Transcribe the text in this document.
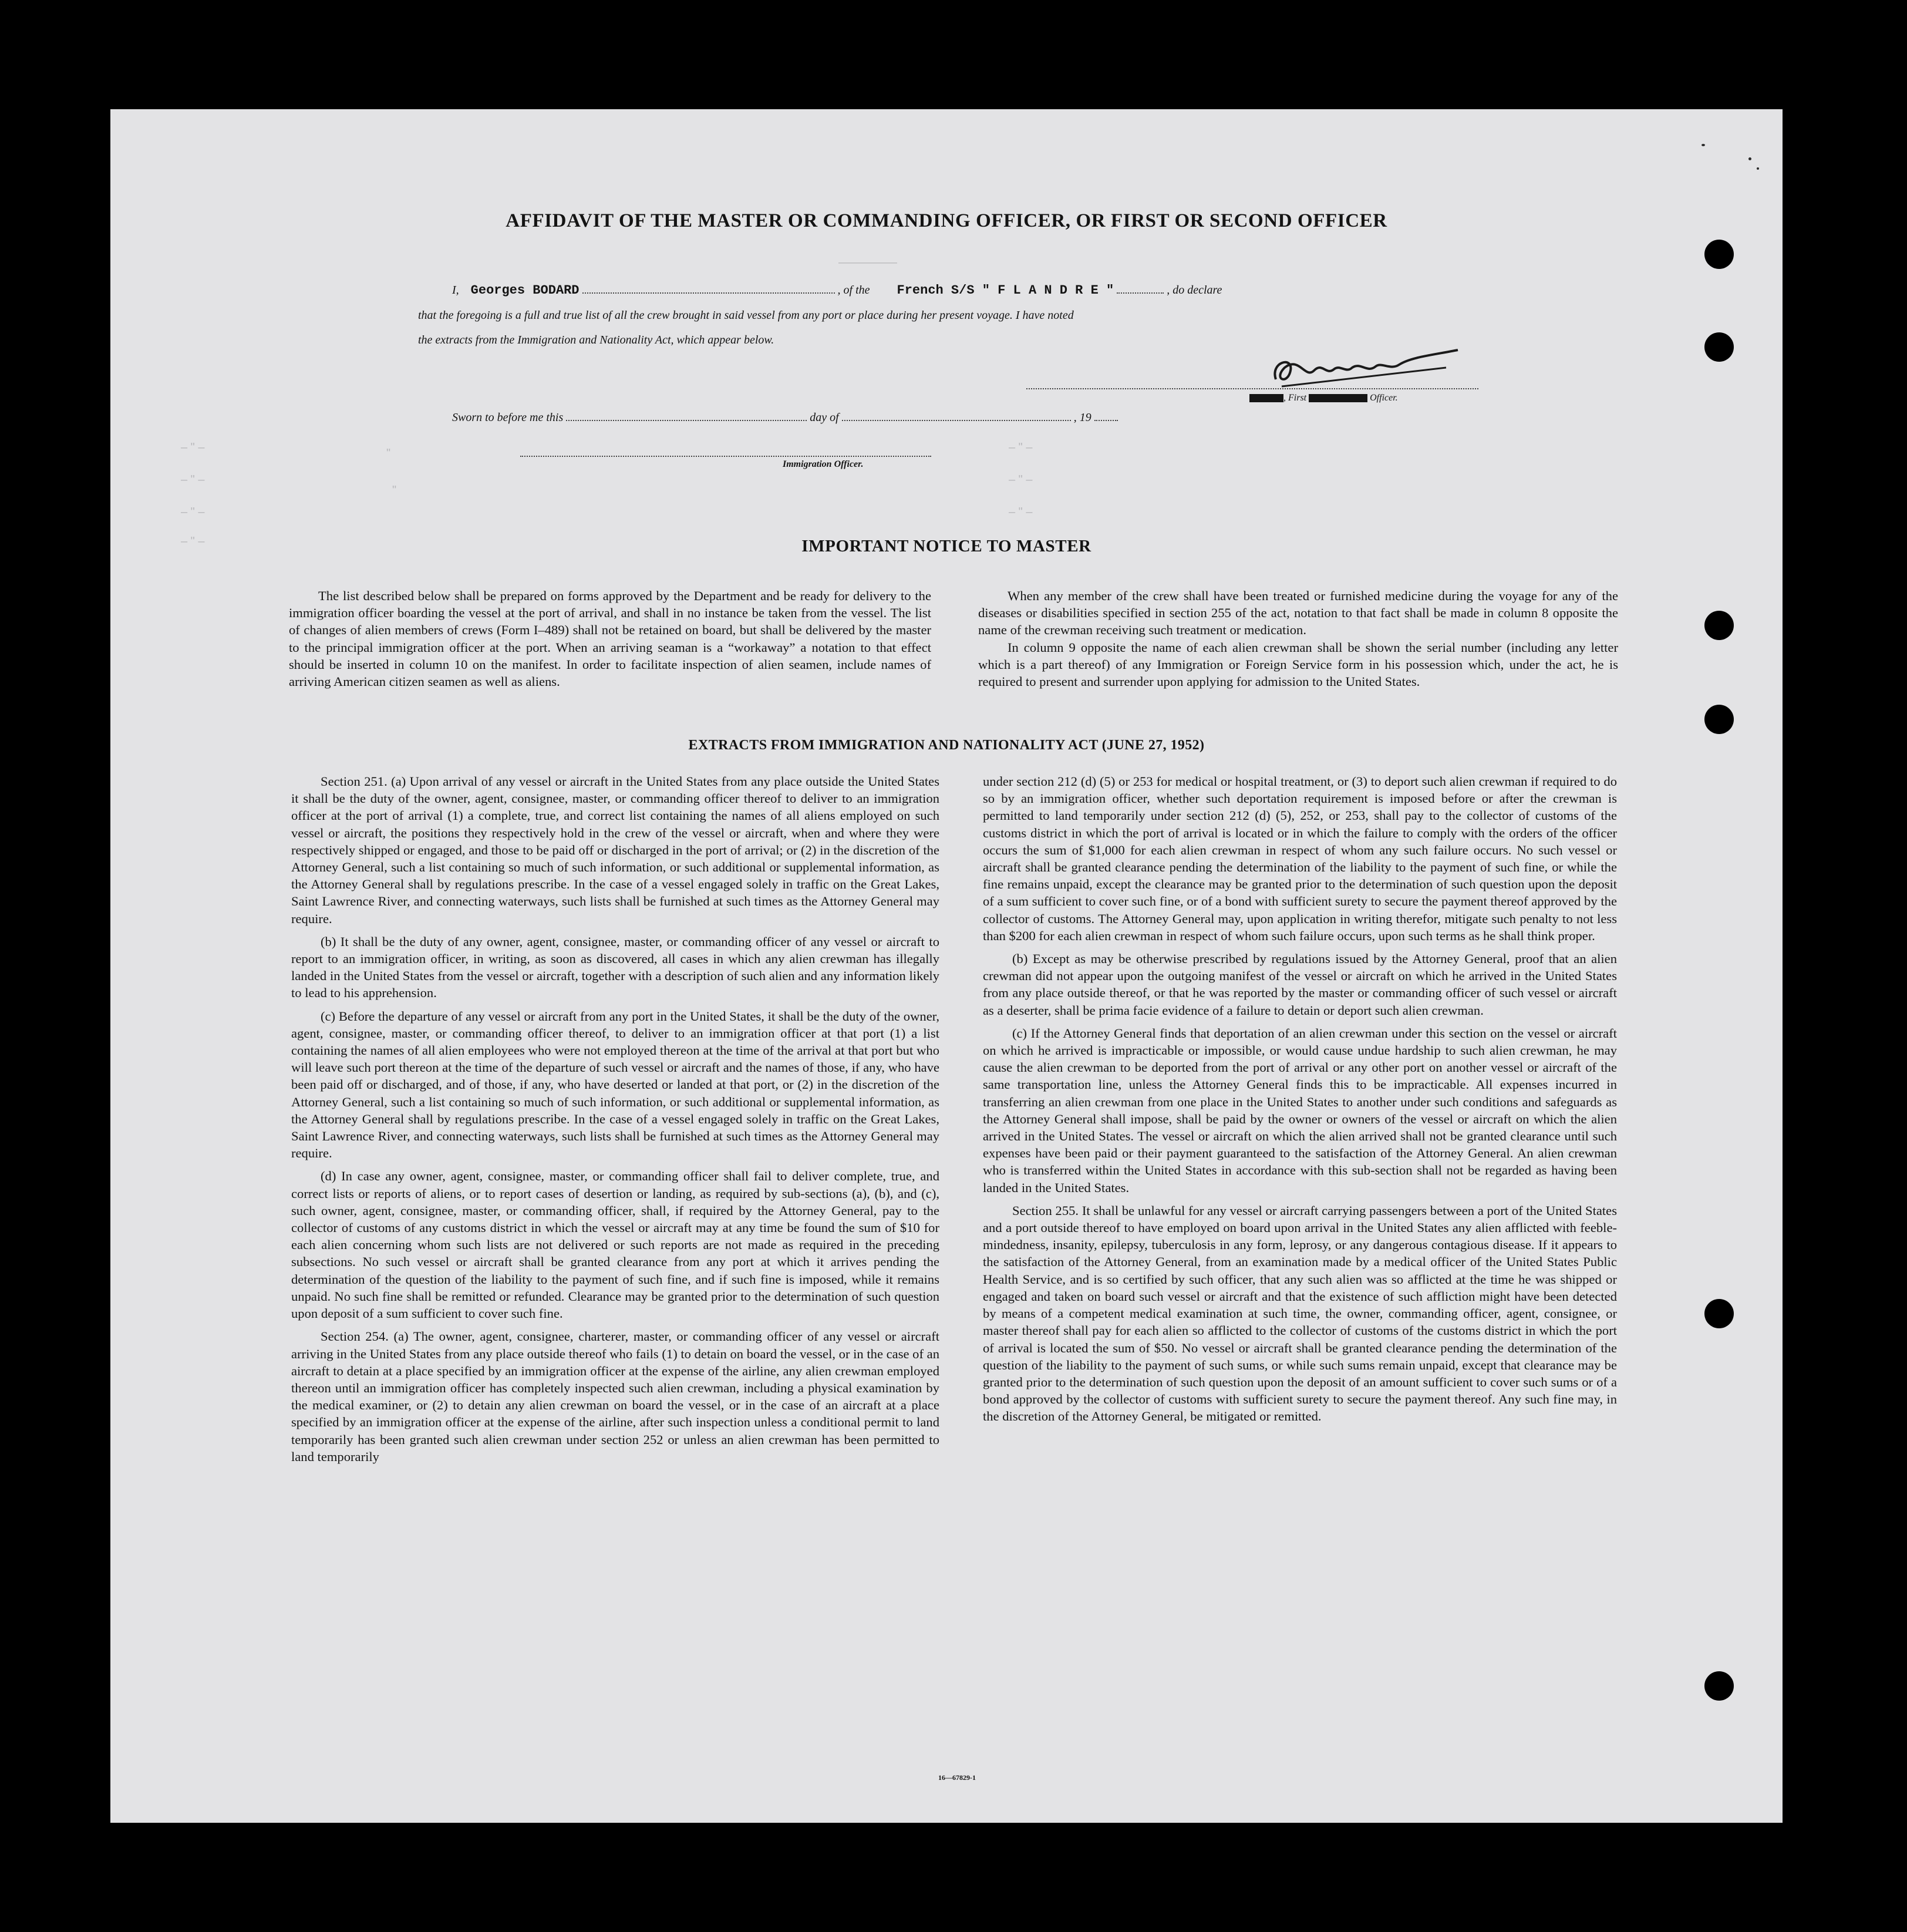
—————
"
"
– " –
– " –
– " –
– " –
– " –
– " –
– " –
AFFIDAVIT OF THE MASTER OR COMMANDING OFFICER, OR FIRST OR SECOND OFFICER
I, Georges BODARD	, of the French S/S " F L A N D R E "	, do declare
that the foregoing is a full and true list of all the crew brought in said vessel from any port or place during her present voyage. I have noted
the extracts from the Immigration and Nationality Act, which appear below.
, First	Officer.
Sworn to before me this	day of	, 19
Immigration Officer.
IMPORTANT NOTICE TO MASTER

The list described below shall be prepared on forms approved by the Department and be ready for delivery to the immigration officer boarding the vessel at the port of arrival, and shall in no instance be taken from the vessel. The list of changes of alien members of crews (Form I–489) shall not be retained on board, but shall be delivered by the master to the principal immigration officer at the port. When an arriving seaman is a “workaway” a notation to that effect should be inserted in column 10 on the manifest. In order to facilitate inspection of alien seamen, include names of arriving American citizen seamen as well as aliens.

When any member of the crew shall have been treated or furnished medicine during the voyage for any of the diseases or disabilities specified in section 255 of the act, notation to that fact shall be made in column 8 opposite the name of the crewman receiving such treatment or medication.

In column 9 opposite the name of each alien crewman shall be shown the serial number (including any letter which is a part thereof) of any Immigration or Foreign Service form in his possession which, under the act, he is required to present and surrender upon applying for admission to the United States.

EXTRACTS FROM IMMIGRATION AND NATIONALITY ACT (JUNE 27, 1952)

Section 251. (a) Upon arrival of any vessel or aircraft in the United States from any place outside the United States it shall be the duty of the owner, agent, consignee, master, or commanding officer thereof to deliver to an immigration officer at the port of arrival (1) a complete, true, and correct list containing the names of all aliens employed on such vessel or aircraft, the positions they respectively hold in the crew of the vessel or aircraft, when and where they were respectively shipped or engaged, and those to be paid off or discharged in the port of arrival; or (2) in the discretion of the Attorney General, such a list containing so much of such information, or such additional or supplemental information, as the Attorney General shall by regulations prescribe. In the case of a vessel engaged solely in traffic on the Great Lakes, Saint Lawrence River, and connecting waterways, such lists shall be furnished at such times as the Attorney General may require.

(b) It shall be the duty of any owner, agent, consignee, master, or commanding officer of any vessel or aircraft to report to an immigration officer, in writing, as soon as discovered, all cases in which any alien crewman has illegally landed in the United States from the vessel or aircraft, together with a description of such alien and any information likely to lead to his apprehension.

(c) Before the departure of any vessel or aircraft from any port in the United States, it shall be the duty of the owner, agent, consignee, master, or commanding officer thereof, to deliver to an immigration officer at that port (1) a list containing the names of all alien employees who were not employed thereon at the time of the arrival at that port but who will leave such port thereon at the time of the departure of such vessel or aircraft and the names of those, if any, who have been paid off or discharged, and of those, if any, who have deserted or landed at that port, or (2) in the discretion of the Attorney General, such a list containing so much of such information, or such additional or supplemental information, as the Attorney General shall by regulations prescribe. In the case of a vessel engaged solely in traffic on the Great Lakes, Saint Lawrence River, and connecting waterways, such lists shall be furnished at such times as the Attorney General may require.

(d) In case any owner, agent, consignee, master, or commanding officer shall fail to deliver complete, true, and correct lists or reports of aliens, or to report cases of desertion or landing, as required by sub-sections (a), (b), and (c), such owner, agent, consignee, master, or commanding officer, shall, if required by the Attorney General, pay to the collector of customs of any customs district in which the vessel or aircraft may at any time be found the sum of $10 for each alien concerning whom such lists are not delivered or such reports are not made as required in the preceding subsections. No such vessel or aircraft shall be granted clearance from any port at which it arrives pending the determination of the question of the liability to the payment of such fine, and if such fine is imposed, while it remains unpaid. No such fine shall be remitted or refunded. Clearance may be granted prior to the determination of such question upon deposit of a sum sufficient to cover such fine.

Section 254. (a) The owner, agent, consignee, charterer, master, or commanding officer of any vessel or aircraft arriving in the United States from any place outside thereof who fails (1) to detain on board the vessel, or in the case of an aircraft to detain at a place specified by an immigration officer at the expense of the airline, any alien crewman employed thereon until an immigration officer has completely inspected such alien crewman, including a physical examination by the medical examiner, or (2) to detain any alien crewman on board the vessel, or in the case of an aircraft at a place specified by an immigration officer at the expense of the airline, after such inspection unless a conditional permit to land temporarily has been granted such alien crewman under section 252 or unless an alien crewman has been permitted to land temporarily

under section 212 (d) (5) or 253 for medical or hospital treatment, or (3) to deport such alien crewman if required to do so by an immigration officer, whether such deportation requirement is imposed before or after the crewman is permitted to land temporarily under section 212 (d) (5), 252, or 253, shall pay to the collector of customs of the customs district in which the port of arrival is located or in which the failure to comply with the orders of the officer occurs the sum of $1,000 for each alien crewman in respect of whom any such failure occurs. No such vessel or aircraft shall be granted clearance pending the determination of the liability to the payment of such fine, or while the fine remains unpaid, except the clearance may be granted prior to the determination of such question upon the deposit of a sum sufficient to cover such fine, or of a bond with sufficient surety to secure the payment thereof approved by the collector of customs. The Attorney General may, upon application in writing therefor, mitigate such penalty to not less than $200 for each alien crewman in respect of whom such failure occurs, upon such terms as he shall think proper.

(b) Except as may be otherwise prescribed by regulations issued by the Attorney General, proof that an alien crewman did not appear upon the outgoing manifest of the vessel or aircraft on which he arrived in the United States from any place outside thereof, or that he was reported by the master or commanding officer of such vessel or aircraft as a deserter, shall be prima facie evidence of a failure to detain or deport such alien crewman.

(c) If the Attorney General finds that deportation of an alien crewman under this section on the vessel or aircraft on which he arrived is impracticable or impossible, or would cause undue hardship to such alien crewman, he may cause the alien crewman to be deported from the port of arrival or any other port on another vessel or aircraft of the same transportation line, unless the Attorney General finds this to be impracticable. All expenses incurred in transferring an alien crewman from one place in the United States to another under such conditions and safeguards as the Attorney General shall impose, shall be paid by the owner or owners of the vessel or aircraft on which the alien arrived in the United States. The vessel or aircraft on which the alien arrived shall not be granted clearance until such expenses have been paid or their payment guaranteed to the satisfaction of the Attorney General. An alien crewman who is transferred within the United States in accordance with this sub-section shall not be regarded as having been landed in the United States.

Section 255. It shall be unlawful for any vessel or aircraft carrying passengers between a port of the United States and a port outside thereof to have employed on board upon arrival in the United States any alien afflicted with feeble-mindedness, insanity, epilepsy, tuberculosis in any form, leprosy, or any dangerous contagious disease. If it appears to the satisfaction of the Attorney General, from an examination made by a medical officer of the United States Public Health Service, and is so certified by such officer, that any such alien was so afflicted at the time he was shipped or engaged and taken on board such vessel or aircraft and that the existence of such affliction might have been detected by means of a competent medical examination at such time, the owner, commanding officer, agent, consignee, or master thereof shall pay for each alien so afflicted to the collector of customs of the customs district in which the port of arrival is located the sum of $50. No vessel or aircraft shall be granted clearance pending the determination of the question of the liability to the payment of such sums, or while such sums remain unpaid, except that clearance may be granted prior to the determination of such question upon the deposit of an amount sufficient to cover such sums or of a bond approved by the collector of customs with sufficient surety to secure the payment thereof. Any such fine may, in the discretion of the Attorney General, be mitigated or remitted.

16—67829-1
